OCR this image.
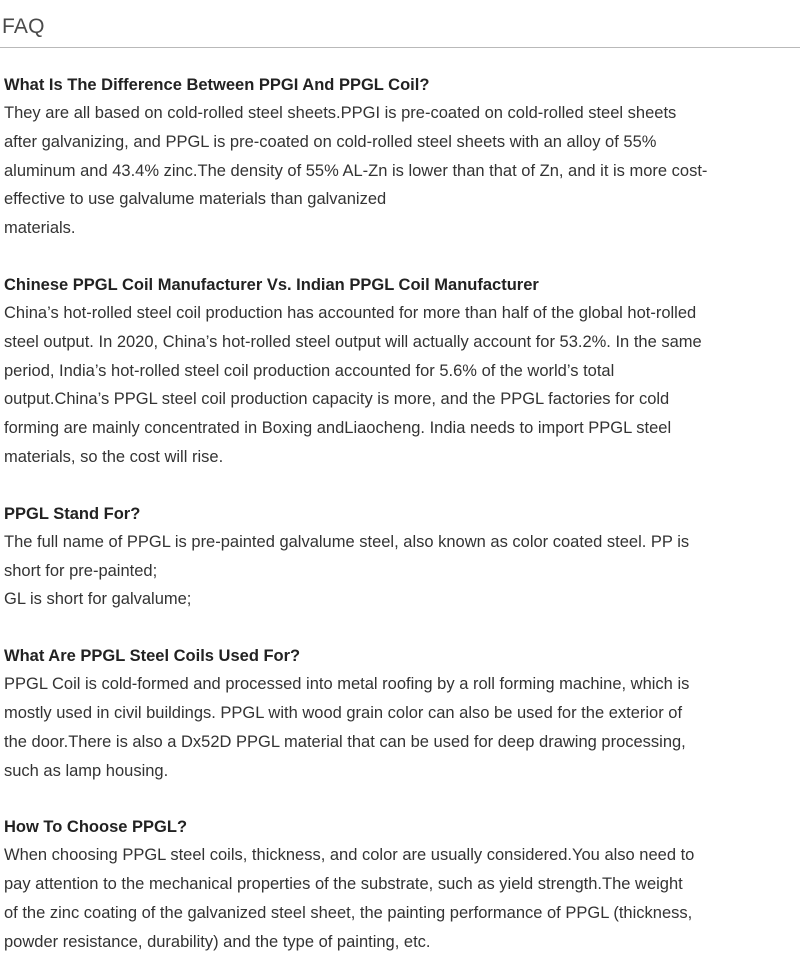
FAQ

What Is The Difference Between PPGI And PPGL Coil?

They are all based on cold-rolled steel sheets.PPGI is pre-coated on cold-rolled steel sheets
after galvanizing, and PPGL is pre-coated on cold-rolled steel sheets with an alloy of 55%
aluminum and 43.4% zinc.The density of 55% AL-Zn is lower than that of Zn, and it is more cost-
effective to use galvalume materials than galvanized
materials.

Chinese PPGL Coil Manufacturer Vs. Indian PPGL Coil Manufacturer

China’s hot-rolled steel coil production has accounted for more than half of the global hot-rolled
steel output. In 2020, China’s hot-rolled steel output will actually account for 53.2%. In the same
period, India’s hot-rolled steel coil production accounted for 5.6% of the world’s total
output.China’s PPGL steel coil production capacity is more, and the PPGL factories for cold
forming are mainly concentrated in Boxing andLiaocheng. India needs to import PPGL steel
materials, so the cost will rise.

PPGL Stand For?

The full name of PPGL is pre-painted galvalume steel, also known as color coated steel. PP is
short for pre-painted;
GL is short for galvalume;

What Are PPGL Steel Coils Used For?

PPGL Coil is cold-formed and processed into metal roofing by a roll forming machine, which is
mostly used in civil buildings. PPGL with wood grain color can also be used for the exterior of
the door.There is also a Dx52D PPGL material that can be used for deep drawing processing,
such as lamp housing.

How To Choose PPGL?

When choosing PPGL steel coils, thickness, and color are usually considered.You also need to
pay attention to the mechanical properties of the substrate, such as yield strength.The weight
of the zinc coating of the galvanized steel sheet, the painting performance of PPGL (thickness,
powder resistance, durability) and the type of painting, etc.
